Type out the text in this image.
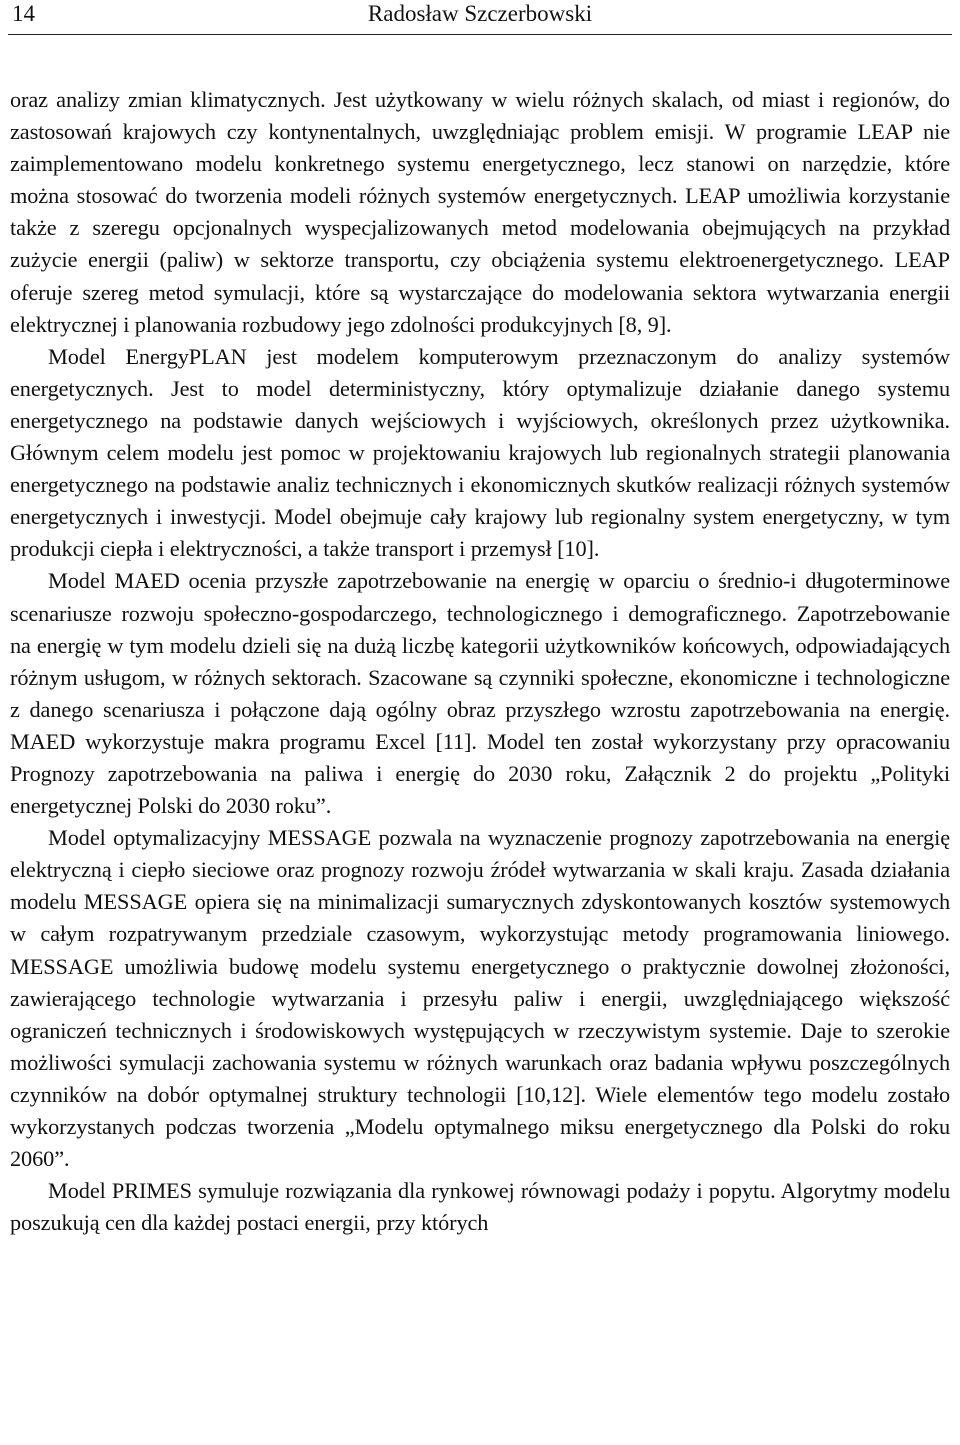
14	Radosław Szczerbowski

oraz analizy zmian klimatycznych. Jest użytkowany w wielu różnych skalach, od miast i regionów, do zastosowań krajowych czy kontynentalnych, uwzględniając problem emisji. W programie LEAP nie zaimplementowano modelu konkretnego systemu energetycznego, lecz stanowi on narzędzie, które można stosować do tworzenia modeli różnych systemów energetycznych. LEAP umożliwia korzystanie także z szeregu opcjonalnych wyspecjalizowanych metod modelowania obejmujących na przykład zużycie energii (paliw) w sektorze transportu, czy obciążenia systemu elektroenergetycznego. LEAP oferuje szereg metod symulacji, które są wystarczające do modelowania sektora wytwarzania energii elektrycznej i planowania rozbudowy jego zdolności produkcyjnych [8, 9].

Model EnergyPLAN jest modelem komputerowym przeznaczonym do analizy systemów energetycznych. Jest to model deterministyczny, który optymalizuje działanie danego systemu energetycznego na podstawie danych wejściowych i wyjściowych, określonych przez użytkownika. Głównym celem modelu jest pomoc w projektowaniu krajowych lub regionalnych strategii planowania energetycznego na podstawie analiz technicznych i ekonomicznych skutków realizacji różnych systemów energetycznych i inwestycji. Model obejmuje cały krajowy lub regionalny system energetyczny, w tym produkcji ciepła i elektryczności, a także transport i przemysł [10].

Model MAED ocenia przyszłe zapotrzebowanie na energię w oparciu o średnio-i długoterminowe scenariusze rozwoju społeczno-gospodarczego, technologicznego i demograficznego. Zapotrzebowanie na energię w tym modelu dzieli się na dużą liczbę kategorii użytkowników końcowych, odpowiadających różnym usługom, w różnych sektorach. Szacowane są czynniki społeczne, ekonomiczne i technologiczne z danego scenariusza i połączone dają ogólny obraz przyszłego wzrostu zapotrzebowania na energię. MAED wykorzystuje makra programu Excel [11]. Model ten został wykorzystany przy opracowaniu Prognozy zapotrzebowania na paliwa i energię do 2030 roku, Załącznik 2 do projektu „Polityki energetycznej Polski do 2030 roku”.

Model optymalizacyjny MESSAGE pozwala na wyznaczenie prognozy zapotrzebowania na energię elektryczną i ciepło sieciowe oraz prognozy rozwoju źródeł wytwarzania w skali kraju. Zasada działania modelu MESSAGE opiera się na minimalizacji sumarycznych zdyskontowanych kosztów systemowych w całym rozpatrywanym przedziale czasowym, wykorzystując metody programowania liniowego. MESSAGE umożliwia budowę modelu systemu energetycznego o praktycznie dowolnej złożoności, zawierającego technologie wytwarzania i przesyłu paliw i energii, uwzględniającego większość ograniczeń technicznych i środowiskowych występujących w rzeczywistym systemie. Daje to szerokie możliwości symulacji zachowania systemu w różnych warunkach oraz badania wpływu poszczególnych czynników na dobór optymalnej struktury technologii [10,12]. Wiele elementów tego modelu zostało wykorzystanych podczas tworzenia „Modelu optymalnego miksu energetycznego dla Polski do roku 2060”.

Model PRIMES symuluje rozwiązania dla rynkowej równowagi podaży i popytu. Algorytmy modelu poszukują cen dla każdej postaci energii, przy których
